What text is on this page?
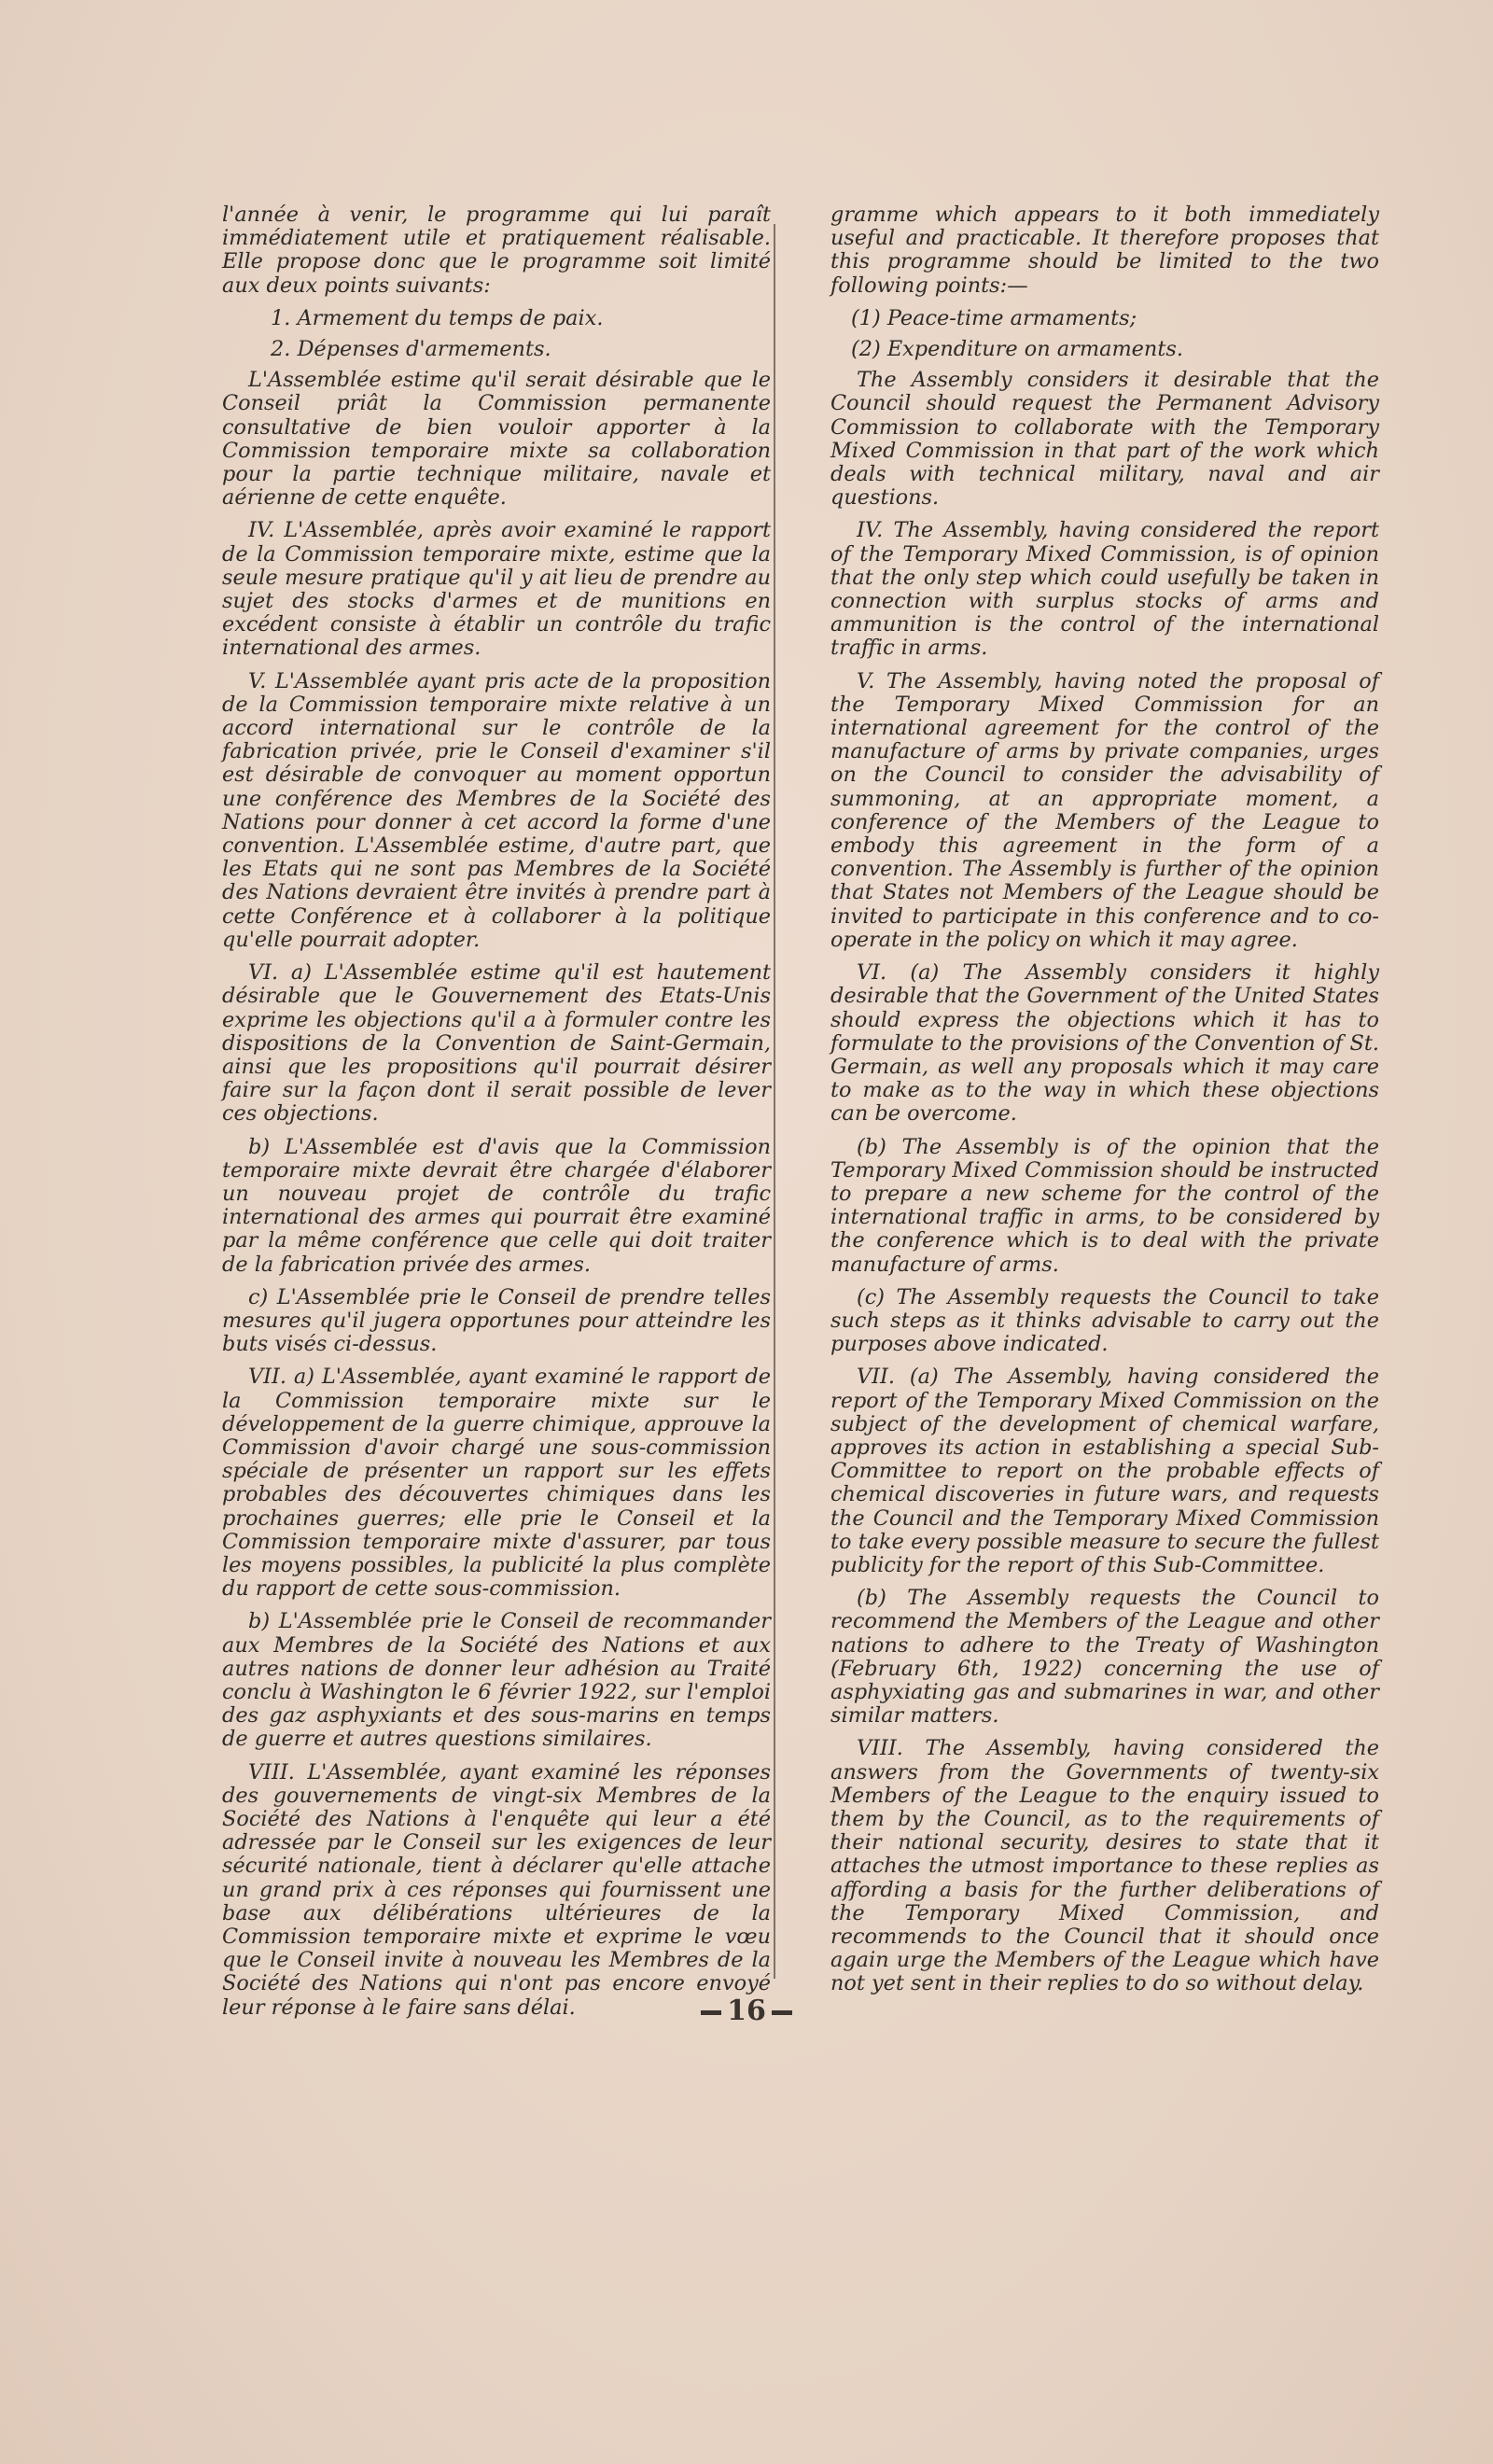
l'année à venir, le programme qui lui paraît immédiatement utile et pratiquement réalisable. Elle propose donc que le programme soit limité aux deux points suivants:

1. Armement du temps de paix.

2. Dépenses d'armements.

L'Assemblée estime qu'il serait désirable que le Conseil priât la Commission permanente consultative de bien vouloir apporter à la Commission temporaire mixte sa collaboration pour la partie technique militaire, navale et aérienne de cette enquête.

IV. L'Assemblée, après avoir examiné le rapport de la Commission temporaire mixte, estime que la seule mesure pratique qu'il y ait lieu de prendre au sujet des stocks d'armes et de munitions en excédent consiste à établir un contrôle du trafic international des armes.

V. L'Assemblée ayant pris acte de la proposition de la Commission temporaire mixte relative à un accord international sur le contrôle de la fabrication privée, prie le Conseil d'examiner s'il est désirable de convoquer au moment opportun une conférence des Membres de la Société des Nations pour donner à cet accord la forme d'une convention. L'Assemblée estime, d'autre part, que les Etats qui ne sont pas Membres de la Société des Nations devraient être invités à prendre part à cette Conférence et à collaborer à la politique qu'elle pourrait adopter.

VI. a) L'Assemblée estime qu'il est hautement désirable que le Gouvernement des Etats-Unis exprime les objections qu'il a à formuler contre les dispositions de la Convention de Saint-Germain, ainsi que les propositions qu'il pourrait désirer faire sur la façon dont il serait possible de lever ces objections.

b) L'Assemblée est d'avis que la Commission temporaire mixte devrait être chargée d'élaborer un nouveau projet de contrôle du trafic international des armes qui pourrait être examiné par la même conférence que celle qui doit traiter de la fabrication privée des armes.

c) L'Assemblée prie le Conseil de prendre telles mesures qu'il jugera opportunes pour atteindre les buts visés ci-dessus.

VII. a) L'Assemblée, ayant examiné le rapport de la Commission temporaire mixte sur le développement de la guerre chimique, approuve la Commission d'avoir chargé une sous-commission spéciale de présenter un rapport sur les effets probables des découvertes chimiques dans les prochaines guerres; elle prie le Conseil et la Commission temporaire mixte d'assurer, par tous les moyens possibles, la publicité la plus complète du rapport de cette sous-commission.

b) L'Assemblée prie le Conseil de recommander aux Membres de la Société des Nations et aux autres nations de donner leur adhésion au Traité conclu à Washington le 6 février 1922, sur l'emploi des gaz asphyxiants et des sous-marins en temps de guerre et autres questions similaires.

VIII. L'Assemblée, ayant examiné les réponses des gouvernements de vingt-six Membres de la Société des Nations à l'enquête qui leur a été adressée par le Conseil sur les exigences de leur sécurité nationale, tient à déclarer qu'elle attache un grand prix à ces réponses qui fournissent une base aux délibérations ultérieures de la Commission temporaire mixte et exprime le vœu que le Conseil invite à nouveau les Membres de la Société des Nations qui n'ont pas encore envoyé leur réponse à le faire sans délai.

gramme which appears to it both immediately useful and practicable. It therefore proposes that this programme should be limited to the two following points:—

(1) Peace-time armaments;

(2) Expenditure on armaments.

The Assembly considers it desirable that the Council should request the Permanent Advisory Commission to collaborate with the Temporary Mixed Commission in that part of the work which deals with technical military, naval and air questions.

IV. The Assembly, having considered the report of the Temporary Mixed Commission, is of opinion that the only step which could usefully be taken in connection with surplus stocks of arms and ammunition is the control of the international traffic in arms.

V. The Assembly, having noted the proposal of the Temporary Mixed Commission for an international agreement for the control of the manufacture of arms by private companies, urges on the Council to consider the advisability of summoning, at an appropriate moment, a conference of the Members of the League to embody this agreement in the form of a convention. The Assembly is further of the opinion that States not Members of the League should be invited to participate in this conference and to co-operate in the policy on which it may agree.

VI. (a) The Assembly considers it highly desirable that the Government of the United States should express the objections which it has to formulate to the provisions of the Convention of St. Germain, as well any proposals which it may care to make as to the way in which these objections can be overcome.

(b) The Assembly is of the opinion that the Temporary Mixed Commission should be instructed to prepare a new scheme for the control of the international traffic in arms, to be considered by the conference which is to deal with the private manufacture of arms.

(c) The Assembly requests the Council to take such steps as it thinks advisable to carry out the purposes above indicated.

VII. (a) The Assembly, having considered the report of the Temporary Mixed Commission on the subject of the development of chemical warfare, approves its action in establishing a special Sub-Committee to report on the probable effects of chemical discoveries in future wars, and requests the Council and the Temporary Mixed Commission to take every possible measure to secure the fullest publicity for the report of this Sub-Committee.

(b) The Assembly requests the Council to recommend the Members of the League and other nations to adhere to the Treaty of Washington (February 6th, 1922) concerning the use of asphyxiating gas and submarines in war, and other similar matters.

VIII. The Assembly, having considered the answers from the Governments of twenty-six Members of the League to the enquiry issued to them by the Council, as to the requirements of their national security, desires to state that it attaches the utmost importance to these replies as affording a basis for the further deliberations of the Temporary Mixed Commission, and recommends to the Council that it should once again urge the Members of the League which have not yet sent in their replies to do so without delay.

16
